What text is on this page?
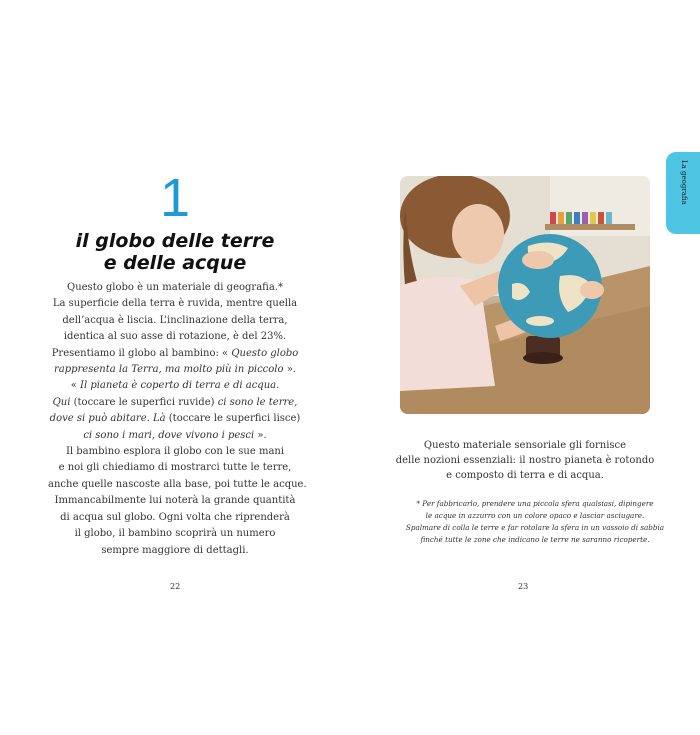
1
il globo delle terre
e delle acque
Questo globo è un materiale di geografia.*
La superficie della terra è ruvida, mentre quella
dell’acqua è liscia. L’inclinazione della terra,
identica al suo asse di rotazione, è del 23%.
Presentiamo il globo al bambino: « Questo globo
rappresenta la Terra, ma molto più in piccolo ».
« Il pianeta è coperto di terra e di acqua.
Qui (toccare le superfici ruvide) ci sono le terre,
dove si può abitare. Là (toccare le superfici lisce)
ci sono i mari, dove vivono i pesci ».
Il bambino esplora il globo con le sue mani
e noi gli chiediamo di mostrarci tutte le terre,
anche quelle nascoste alla base, poi tutte le acque.
Immancabilmente lui noterà la grande quantità
di acqua sul globo. Ogni volta che riprenderà
il globo, il bambino scoprirà un numero
sempre maggiore di dettagli.
22
Questo materiale sensoriale gli fornisce
delle nozioni essenziali: il nostro pianeta è rotondo
e composto di terra e di acqua.
* Per fabbricarlo, prendere una piccola sfera qualsiasi, dipingere
le acque in azzurro con un colore opaco e lasciar asciugare.
Spalmare di colla le terre e far rotolare la sfera in un vassoio di sabbia
finché tutte le zone che indicano le terre ne saranno ricoperte.
23
La geografia
